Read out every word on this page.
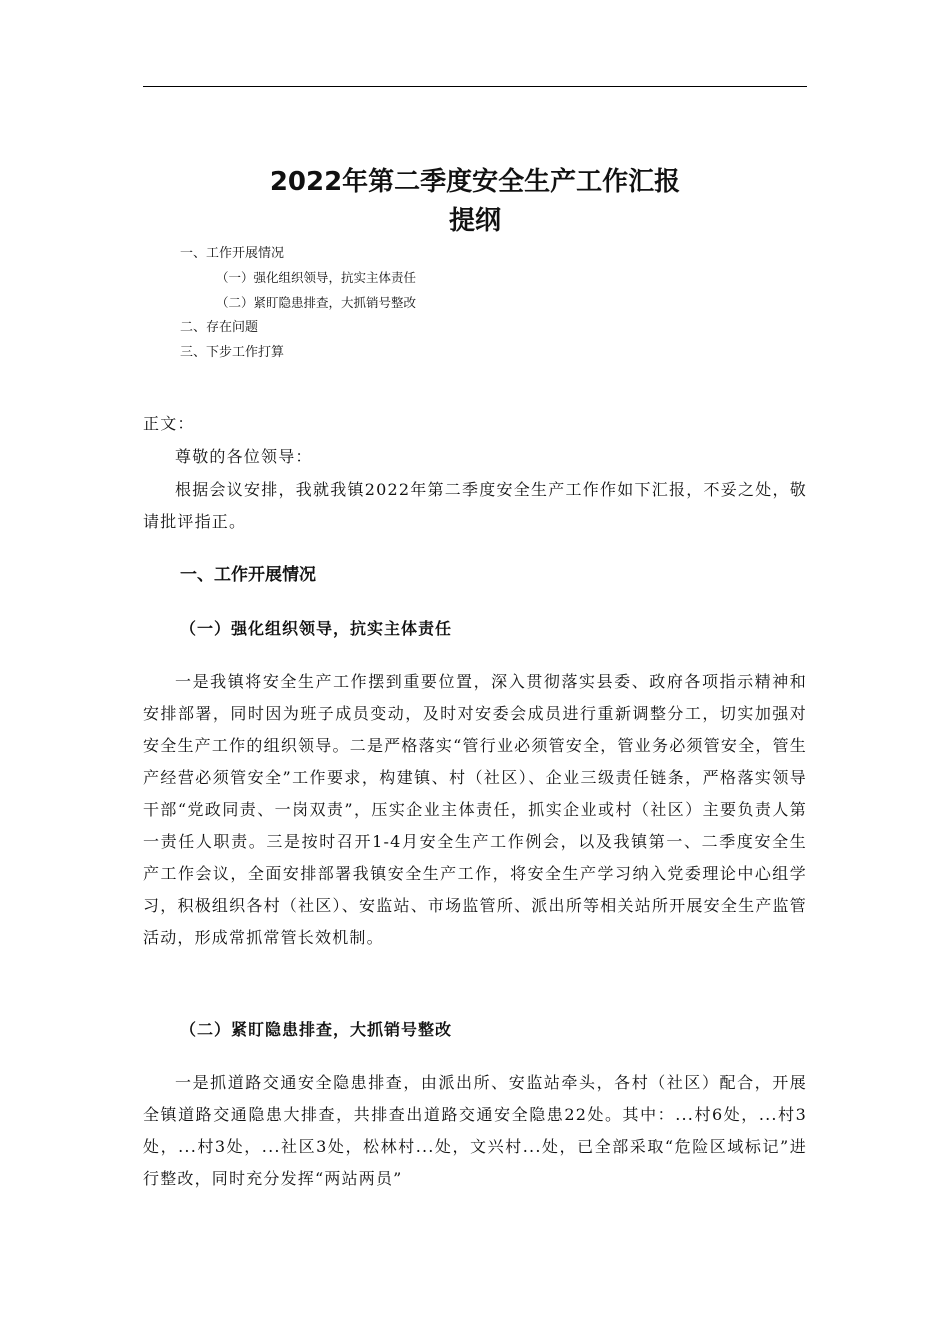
2022年第二季度安全生产工作汇报
提纲
一、工作开展情况
（一）强化组织领导，抗实主体责任
（二）紧盯隐患排查，大抓销号整改
二、存在问题
三、下步工作打算

正文：

尊敬的各位领导：

根据会议安排，我就我镇2022年第二季度安全生产工作作如下汇报，不妥之处，敬请批评指正。

一、工作开展情况
（一）强化组织领导，抗实主体责任

一是我镇将安全生产工作摆到重要位置，深入贯彻落实县委、政府各项指示精神和安排部署，同时因为班子成员变动，及时对安委会成员进行重新调整分工，切实加强对安全生产工作的组织领导。二是严格落实“管行业必须管安全，管业务必须管安全，管生产经营必须管安全”工作要求，构建镇、村（社区）、企业三级责任链条，严格落实领导干部“党政同责、一岗双责”，压实企业主体责任，抓实企业或村（社区）主要负责人第一责任人职责。三是按时召开1-4月安全生产工作例会，以及我镇第一、二季度安全生产工作会议，全面安排部署我镇安全生产工作，将安全生产学习纳入党委理论中心组学习，积极组织各村（社区）、安监站、市场监管所、派出所等相关站所开展安全生产监管活动，形成常抓常管长效机制。

（二）紧盯隐患排查，大抓销号整改

一是抓道路交通安全隐患排查，由派出所、安监站牵头，各村（社区）配合，开展全镇道路交通隐患大排查，共排查出道路交通安全隐患22处。其中：...村6处，...村3处，...村3处，...社区3处，松林村...处，文兴村...处，已全部采取“危险区域标记”进行整改，同时充分发挥“两站两员”
